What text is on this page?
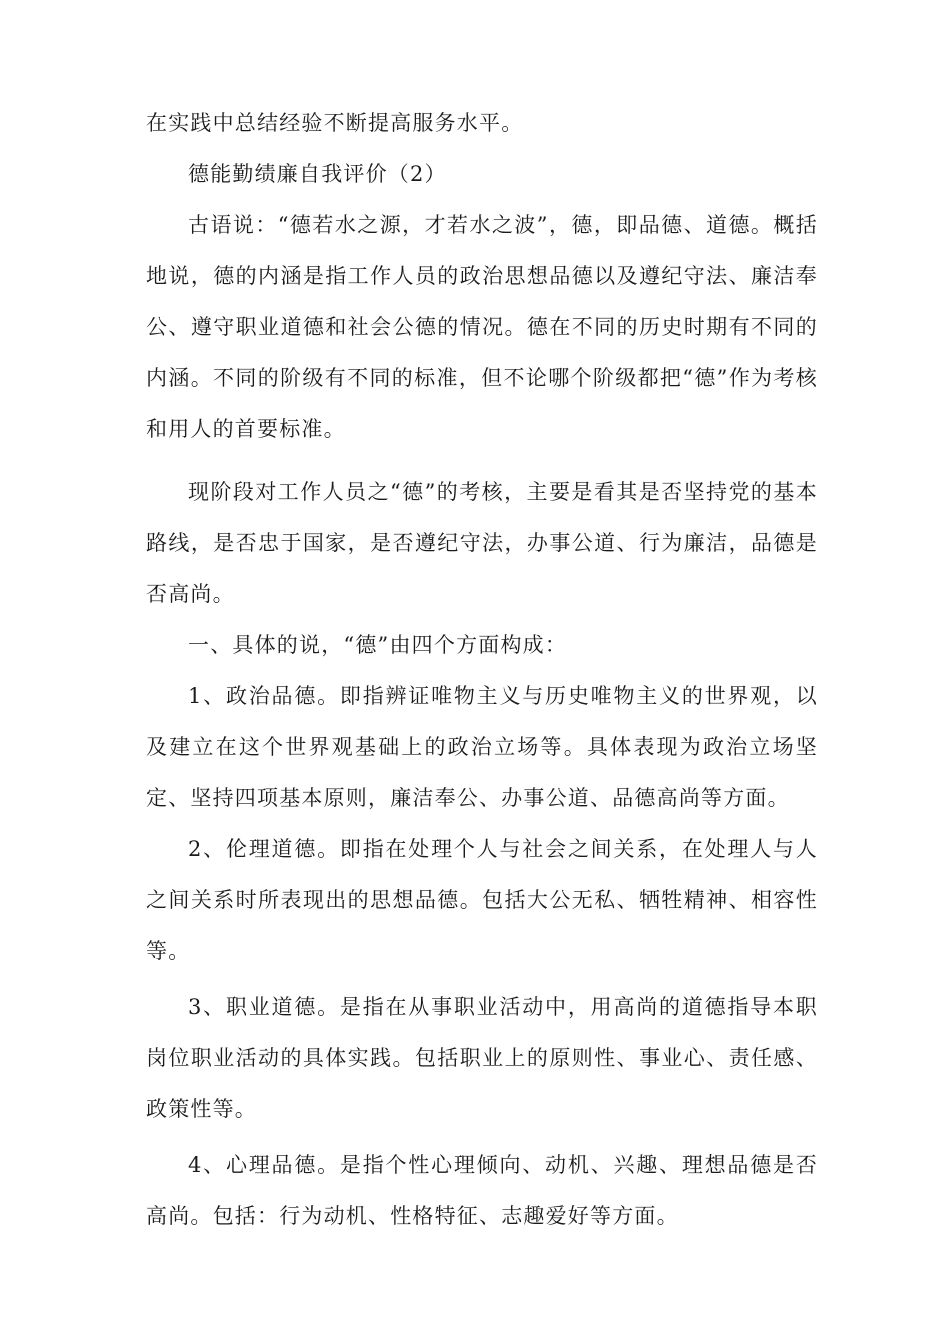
在实践中总结经验不断提高服务水平。

德能勤绩廉自我评价（2）

古语说：“德若水之源，才若水之波”，德，即品德、道德。概括地说，德的内涵是指工作人员的政治思想品德以及遵纪守法、廉洁奉公、遵守职业道德和社会公德的情况。德在不同的历史时期有不同的内涵。不同的阶级有不同的标准，但不论哪个阶级都把“德”作为考核和用人的首要标准。

现阶段对工作人员之“德”的考核，主要是看其是否坚持党的基本路线，是否忠于国家，是否遵纪守法，办事公道、行为廉洁，品德是否高尚。

一、具体的说，“德”由四个方面构成：

1、政治品德。即指辨证唯物主义与历史唯物主义的世界观，以及建立在这个世界观基础上的政治立场等。具体表现为政治立场坚定、坚持四项基本原则，廉洁奉公、办事公道、品德高尚等方面。

2、伦理道德。即指在处理个人与社会之间关系，在处理人与人之间关系时所表现出的思想品德。包括大公无私、牺牲精神、相容性等。

3、职业道德。是指在从事职业活动中，用高尚的道德指导本职岗位职业活动的具体实践。包括职业上的原则性、事业心、责任感、政策性等。

4、心理品德。是指个性心理倾向、动机、兴趣、理想品德是否高尚。包括：行为动机、性格特征、志趣爱好等方面。
